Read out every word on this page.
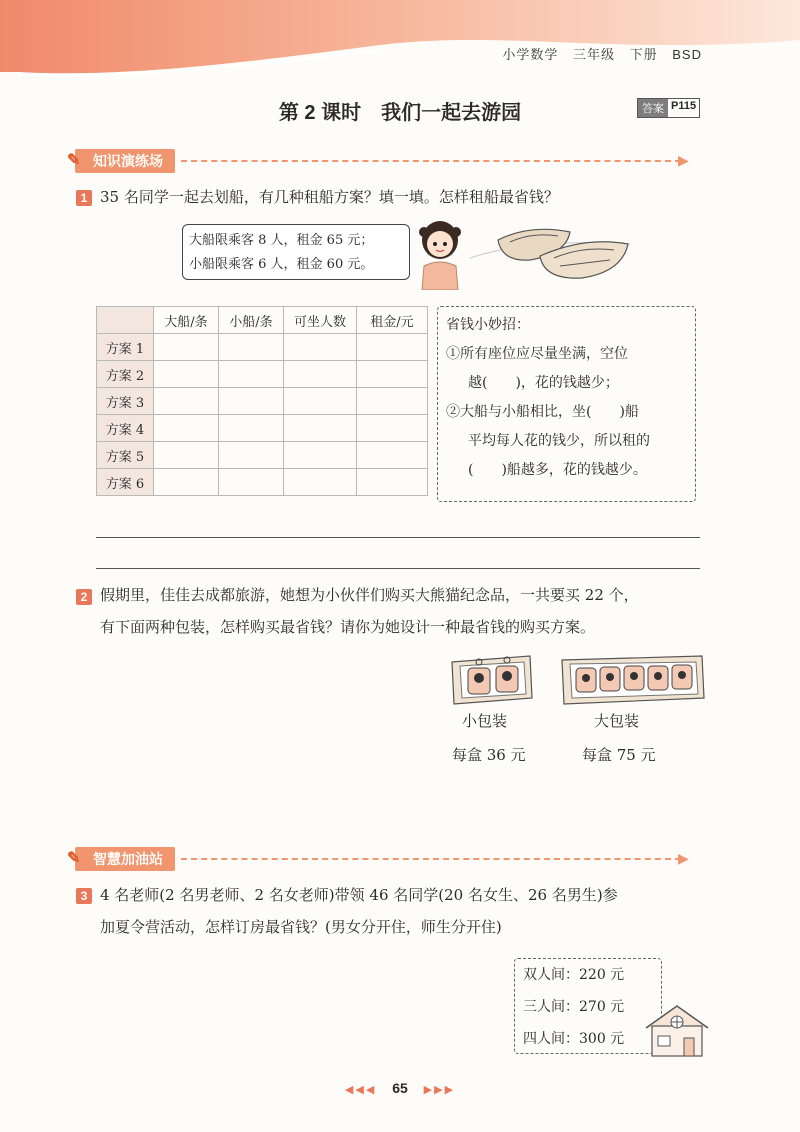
小学数学 三年级 下册 BSD
第 2 课时　我们一起去游园	答案 P115
✎ 知识演练场	▶
1 35 名同学一起去划船，有几种租船方案？填一填。怎样租船最省钱？
大船限乘客 8 人，租金 65 元；
小船限乘客 6 人，租金 60 元。
	大船/条	小船/条	可坐人数	租金/元
方案 1				
方案 2				
方案 3				
方案 4				
方案 5				
方案 6				
省钱小妙招：
①所有座位应尽量坐满，空位
越(　　)，花的钱越少；
②大船与小船相比，坐(　　)船
平均每人花的钱少，所以租的
(　　)船越多，花的钱越少。
2 假期里，佳佳去成都旅游，她想为小伙伴们购买大熊猫纪念品，一共要买 22 个，
有下面两种包装，怎样购买最省钱？请你为她设计一种最省钱的购买方案。
小包装
每盒 36 元
大包装
每盒 75 元
✎ 智慧加油站	▶
3 4 名老师(2 名男老师、2 名女老师)带领 46 名同学(20 名女生、26 名男生)参
加夏令营活动，怎样订房最省钱？(男女分开住，师生分开住)
双人间：220 元
三人间：270 元
四人间：300 元
◀◀◀ 65 ▶▶▶
